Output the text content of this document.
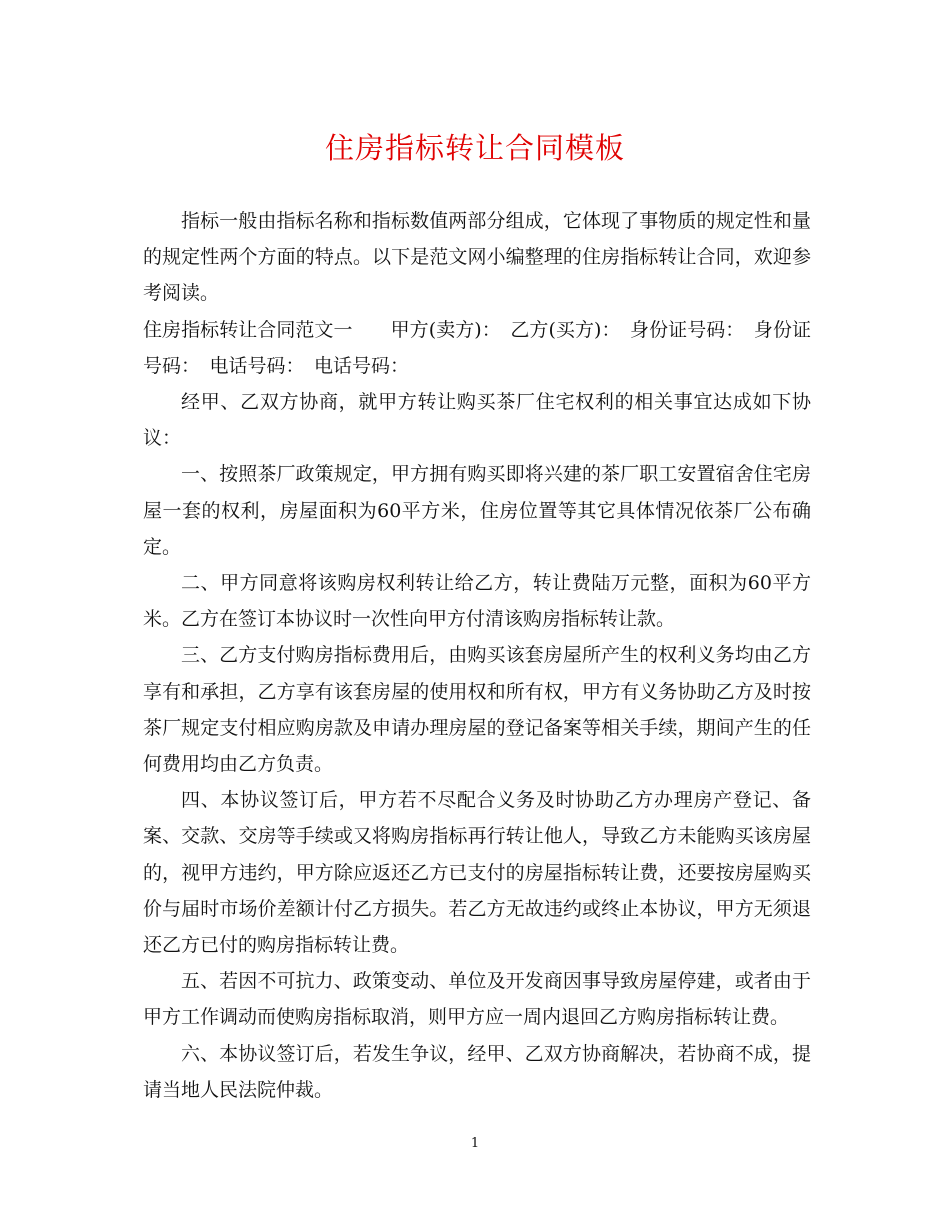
住房指标转让合同模板

指标一般由指标名称和指标数值两部分组成，它体现了事物质的规定性和量的规定性两个方面的特点。以下是范文网小编整理的住房指标转让合同，欢迎参考阅读。

住房指标转让合同范文一　　甲方(卖方)：　乙方(买方)：　身份证号码：　身份证号码：　电话号码：　电话号码：

经甲、乙双方协商，就甲方转让购买茶厂住宅权利的相关事宜达成如下协议：

一、按照茶厂政策规定，甲方拥有购买即将兴建的茶厂职工安置宿舍住宅房屋一套的权利，房屋面积为60平方米，住房位置等其它具体情况依茶厂公布确定。

二、甲方同意将该购房权利转让给乙方，转让费陆万元整，面积为60平方米。乙方在签订本协议时一次性向甲方付清该购房指标转让款。

三、乙方支付购房指标费用后，由购买该套房屋所产生的权利义务均由乙方享有和承担，乙方享有该套房屋的使用权和所有权，甲方有义务协助乙方及时按茶厂规定支付相应购房款及申请办理房屋的登记备案等相关手续，期间产生的任何费用均由乙方负责。

四、本协议签订后，甲方若不尽配合义务及时协助乙方办理房产登记、备案、交款、交房等手续或又将购房指标再行转让他人，导致乙方未能购买该房屋的，视甲方违约，甲方除应返还乙方已支付的房屋指标转让费，还要按房屋购买价与届时市场价差额计付乙方损失。若乙方无故违约或终止本协议，甲方无须退还乙方已付的购房指标转让费。

五、若因不可抗力、政策变动、单位及开发商因事导致房屋停建，或者由于甲方工作调动而使购房指标取消，则甲方应一周内退回乙方购房指标转让费。

六、本协议签订后，若发生争议，经甲、乙双方协商解决，若协商不成，提请当地人民法院仲裁。

1
